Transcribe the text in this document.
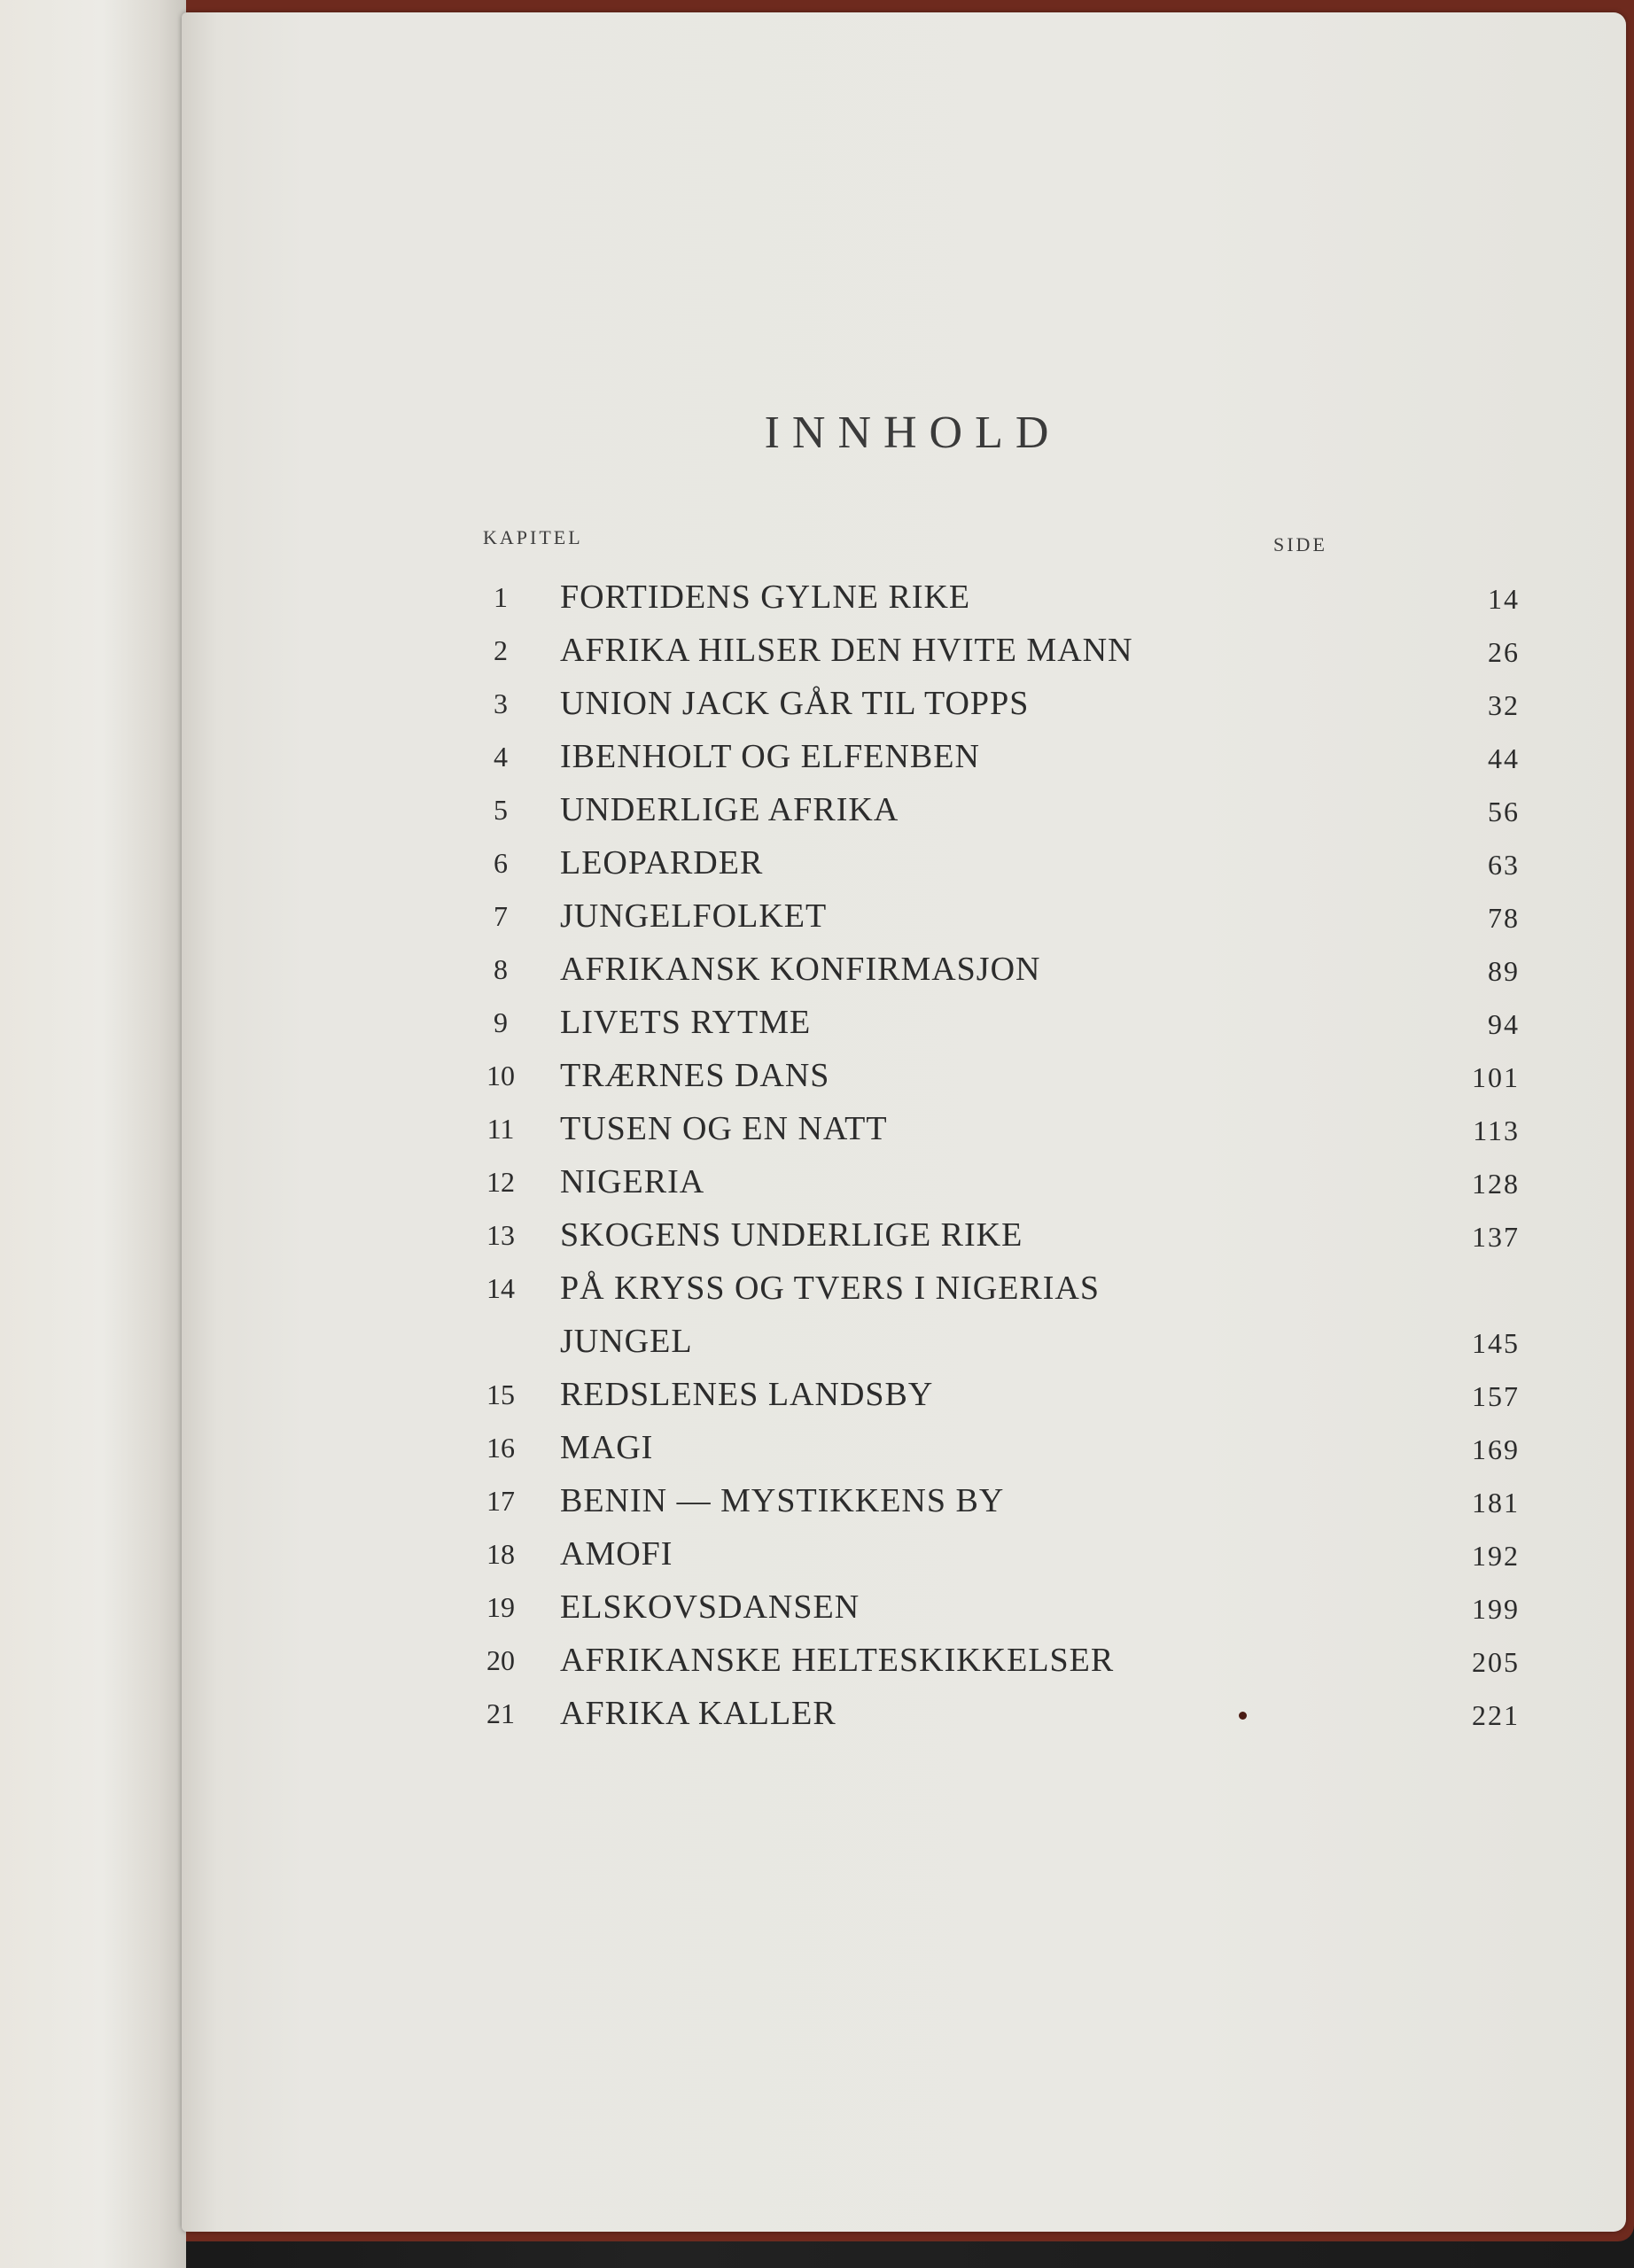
INNHOLD
KAPITEL	SIDE
1	FORTIDENS GYLNE RIKE	14
2	AFRIKA HILSER DEN HVITE MANN	26
3	UNION JACK GÅR TIL TOPPS	32
4	IBENHOLT OG ELFENBEN	44
5	UNDERLIGE AFRIKA	56
6	LEOPARDER	63
7	JUNGELFOLKET	78
8	AFRIKANSK KONFIRMASJON	89
9	LIVETS RYTME	94
10	TRÆRNES DANS	101
11	TUSEN OG EN NATT	113
12	NIGERIA	128
13	SKOGENS UNDERLIGE RIKE	137
14	PÅ KRYSS OG TVERS I NIGERIAS
JUNGEL	145
15	REDSLENES LANDSBY	157
16	MAGI	169
17	BENIN — MYSTIKKENS BY	181
18	AMOFI	192
19	ELSKOVSDANSEN	199
20	AFRIKANSKE HELTESKIKKELSER	205
21	AFRIKA KALLER	221
